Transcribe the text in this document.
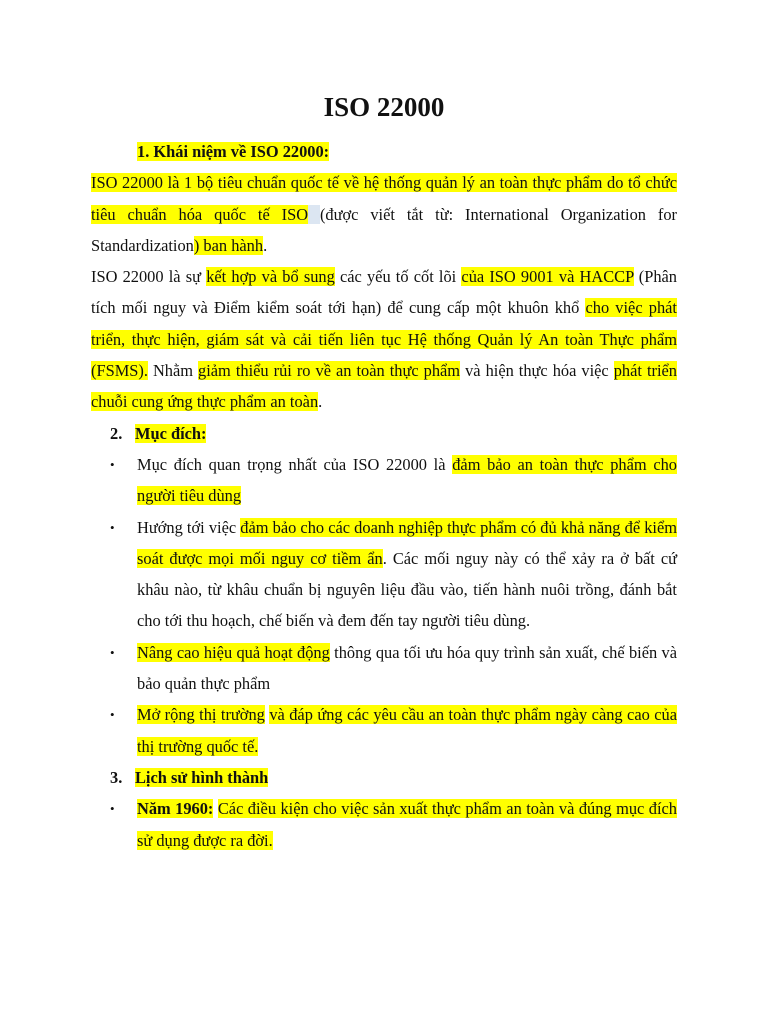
ISO 22000

1. Khái niệm về ISO 22000:

ISO 22000 là 1 bộ tiêu chuẩn quốc tế về hệ thống quản lý an toàn thực phẩm do tổ chức tiêu chuẩn hóa quốc tế ISO (được viết tắt từ: International Organization for Standardization) ban hành.

ISO 22000 là sự kết hợp và bổ sung các yếu tố cốt lõi của ISO 9001 và HACCP (Phân tích mối nguy và Điểm kiểm soát tới hạn) để cung cấp một khuôn khổ cho việc phát triển, thực hiện, giám sát và cải tiến liên tục Hệ thống Quản lý An toàn Thực phẩm (FSMS). Nhằm giảm thiểu rủi ro về an toàn thực phẩm và hiện thực hóa việc phát triển chuỗi cung ứng thực phẩm an toàn.

2. Mục đích:

• Mục đích quan trọng nhất của ISO 22000 là đảm bảo an toàn thực phẩm cho người tiêu dùng

• Hướng tới việc đảm bảo cho các doanh nghiệp thực phẩm có đủ khả năng để kiểm soát được mọi mối nguy cơ tiềm ẩn. Các mối nguy này có thể xảy ra ở bất cứ khâu nào, từ khâu chuẩn bị nguyên liệu đầu vào, tiến hành nuôi trồng, đánh bắt cho tới thu hoạch, chế biến và đem đến tay người tiêu dùng.

• Nâng cao hiệu quả hoạt động thông qua tối ưu hóa quy trình sản xuất, chế biến và bảo quản thực phẩm

• Mở rộng thị trường và đáp ứng các yêu cầu an toàn thực phẩm ngày càng cao của thị trường quốc tế.

3. Lịch sử hình thành

• Năm 1960: Các điều kiện cho việc sản xuất thực phẩm an toàn và đúng mục đích sử dụng được ra đời.
